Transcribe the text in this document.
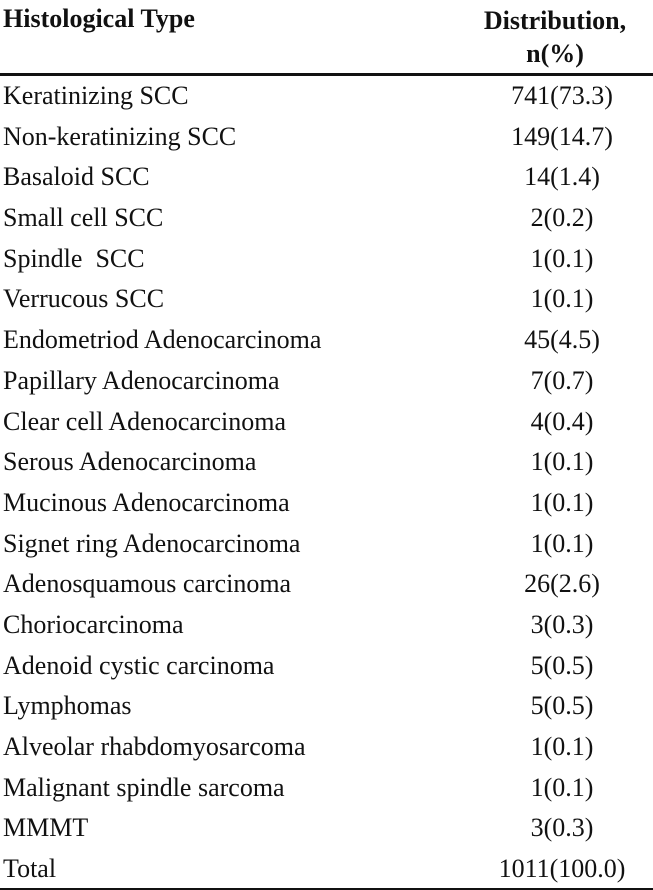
Histological Type	Distribution,
n(%)
Keratinizing SCC	741(73.3)
Non-keratinizing SCC	149(14.7)
Basaloid SCC	14(1.4)
Small cell SCC	2(0.2)
Spindle  SCC	1(0.1)
Verrucous SCC	1(0.1)
Endometriod Adenocarcinoma	45(4.5)
Papillary Adenocarcinoma	7(0.7)
Clear cell Adenocarcinoma	4(0.4)
Serous Adenocarcinoma	1(0.1)
Mucinous Adenocarcinoma	1(0.1)
Signet ring Adenocarcinoma	1(0.1)
Adenosquamous carcinoma	26(2.6)
Choriocarcinoma	3(0.3)
Adenoid cystic carcinoma	5(0.5)
Lymphomas	5(0.5)
Alveolar rhabdomyosarcoma	1(0.1)
Malignant spindle sarcoma	1(0.1)
MMMT	3(0.3)
Total	1011(100.0)
